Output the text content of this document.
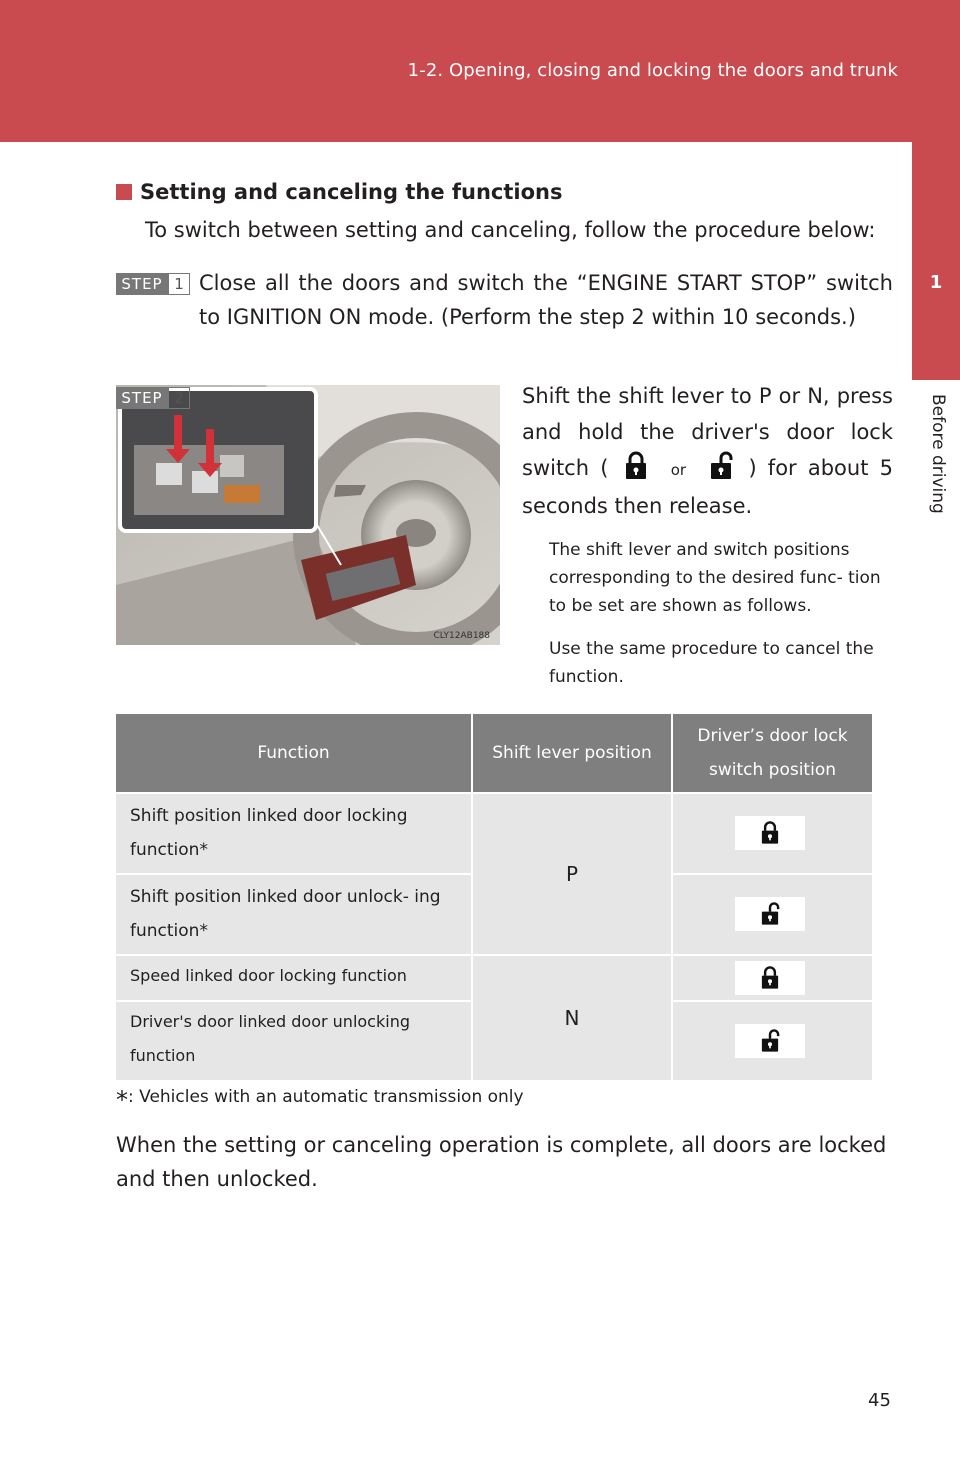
1-2. Opening, closing and locking the doors and trunk
1
Before driving
Setting and canceling the functions
To switch between setting and canceling, follow the procedure below:
STEP 1 Close all the doors and switch the “ENGINE START STOP” switch to IGNITION ON mode. (Perform the step 2 within 10 seconds.)
STEP 2
CLY12AB188
Shift the shift lever to P or N, press and hold the driver's door lock switch (	or	) for about 5 seconds then release.
The shift lever and switch positions corresponding to the desired func- tion to be set are shown as follows.
Use the same procedure to cancel the function.
Function	Shift lever position	Driver’s door lock switch position

Shift position linked door locking function*	P	

Shift position linked door unlock- ing function*

Speed linked door locking function	N	

Driver's door linked door unlocking function

*: Vehicles with an automatic transmission only
When the setting or canceling operation is complete, all doors are locked and then unlocked.
45
